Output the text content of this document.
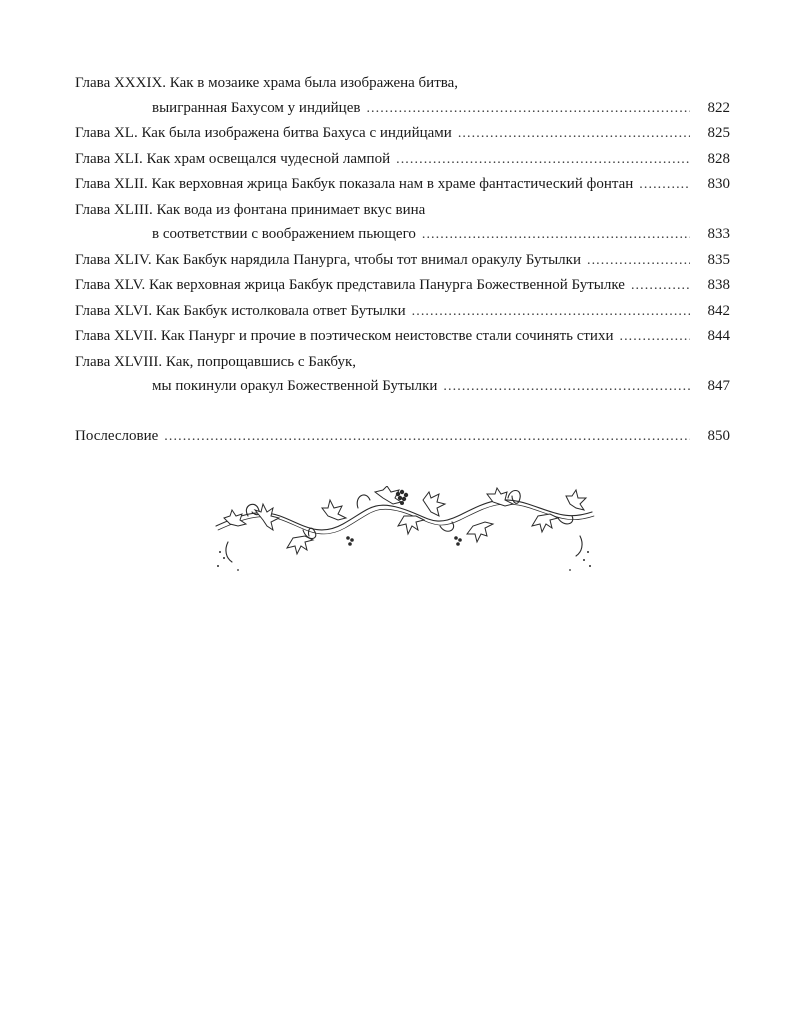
Глава XXXIX. Как в мозаике храма была изображена битва,
выигранная Бахусом у индийцев . . .	822
Глава XL. Как была изображена битва Бахуса с индийцами . . .	825
Глава XLI. Как храм освещался чудесной лампой . . .	828
Глава XLII. Как верховная жрица Бакбук показала нам в храме фантастический фонтан . . .	830
Глава XLIII. Как вода из фонтана принимает вкус вина
в соответствии с воображением пьющего . . .	833
Глава XLIV. Как Бакбук нарядила Панурга, чтобы тот внимал оракулу Бутылки . . .	835
Глава XLV. Как верховная жрица Бакбук представила Панурга Божественной Бутылке . . .	838
Глава XLVI. Как Бакбук истолковала ответ Бутылки . . .	842
Глава XLVII. Как Панург и прочие в поэтическом неистовстве стали сочинять стихи . . .	844
Глава XLVIII. Как, попрощавшись с Бакбук,
мы покинули оракул Божественной Бутылки . . .	847
Послесловие . . .	850
